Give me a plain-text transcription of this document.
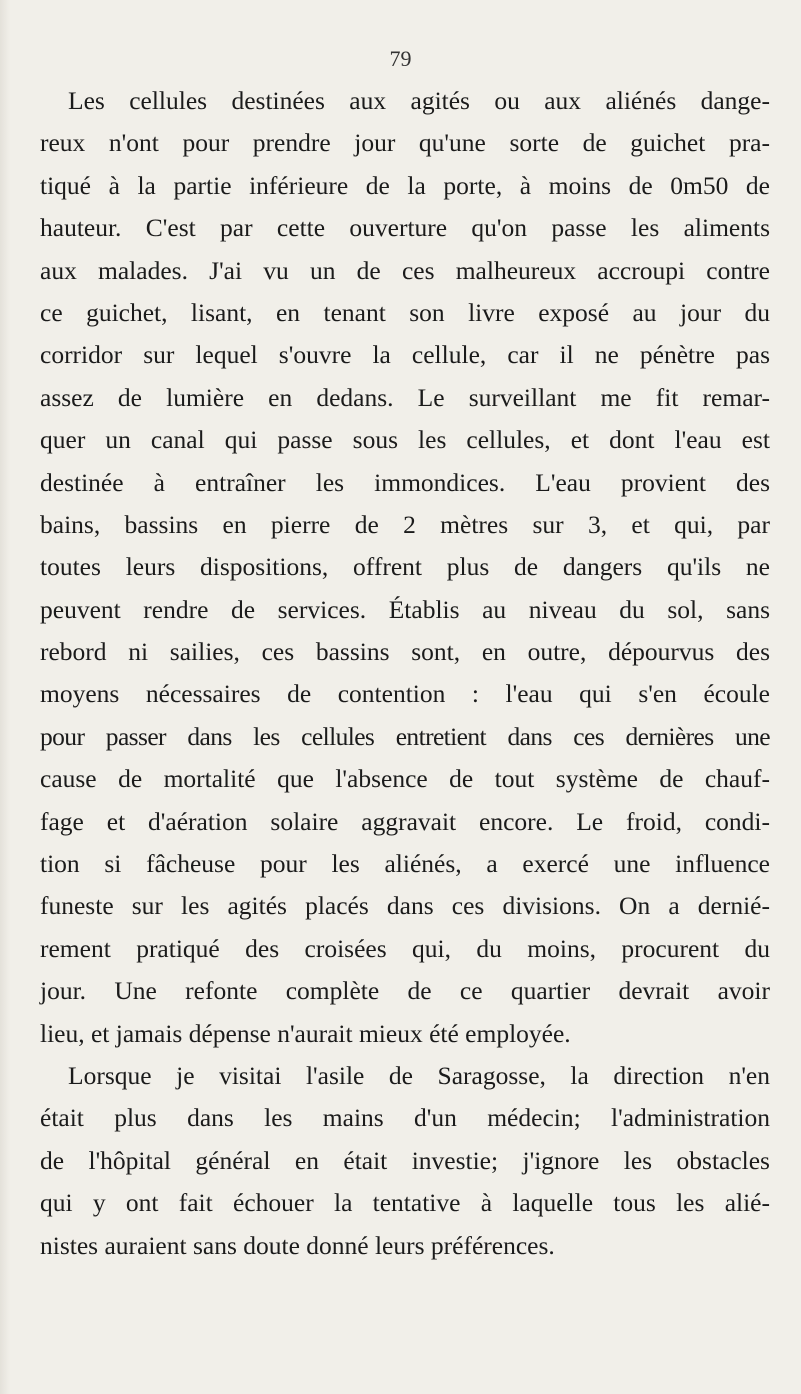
79
Les cellules destinées aux agités ou aux aliénés dange-
reux n'ont pour prendre jour qu'une sorte de guichet pra-
tiqué à la partie inférieure de la porte, à moins de 0m50 de
hauteur. C'est par cette ouverture qu'on passe les aliments
aux malades. J'ai vu un de ces malheureux accroupi contre
ce guichet, lisant, en tenant son livre exposé au jour du
corridor sur lequel s'ouvre la cellule, car il ne pénètre pas
assez de lumière en dedans. Le surveillant me fit remar-
quer un canal qui passe sous les cellules, et dont l'eau est
destinée à entraîner les immondices. L'eau provient des
bains, bassins en pierre de 2 mètres sur 3, et qui, par
toutes leurs dispositions, offrent plus de dangers qu'ils ne
peuvent rendre de services. Établis au niveau du sol, sans
rebord ni sailies, ces bassins sont, en outre, dépourvus des
moyens nécessaires de contention : l'eau qui s'en écoule
pour passer dans les cellules entretient dans ces dernières une
cause de mortalité que l'absence de tout système de chauf-
fage et d'aération solaire aggravait encore. Le froid, condi-
tion si fâcheuse pour les aliénés, a exercé une influence
funeste sur les agités placés dans ces divisions. On a dernié-
rement pratiqué des croisées qui, du moins, procurent du
jour. Une refonte complète de ce quartier devrait avoir
lieu, et jamais dépense n'aurait mieux été employée.
Lorsque je visitai l'asile de Saragosse, la direction n'en
était plus dans les mains d'un médecin; l'administration
de l'hôpital général en était investie; j'ignore les obstacles
qui y ont fait échouer la tentative à laquelle tous les alié-
nistes auraient sans doute donné leurs préférences.
